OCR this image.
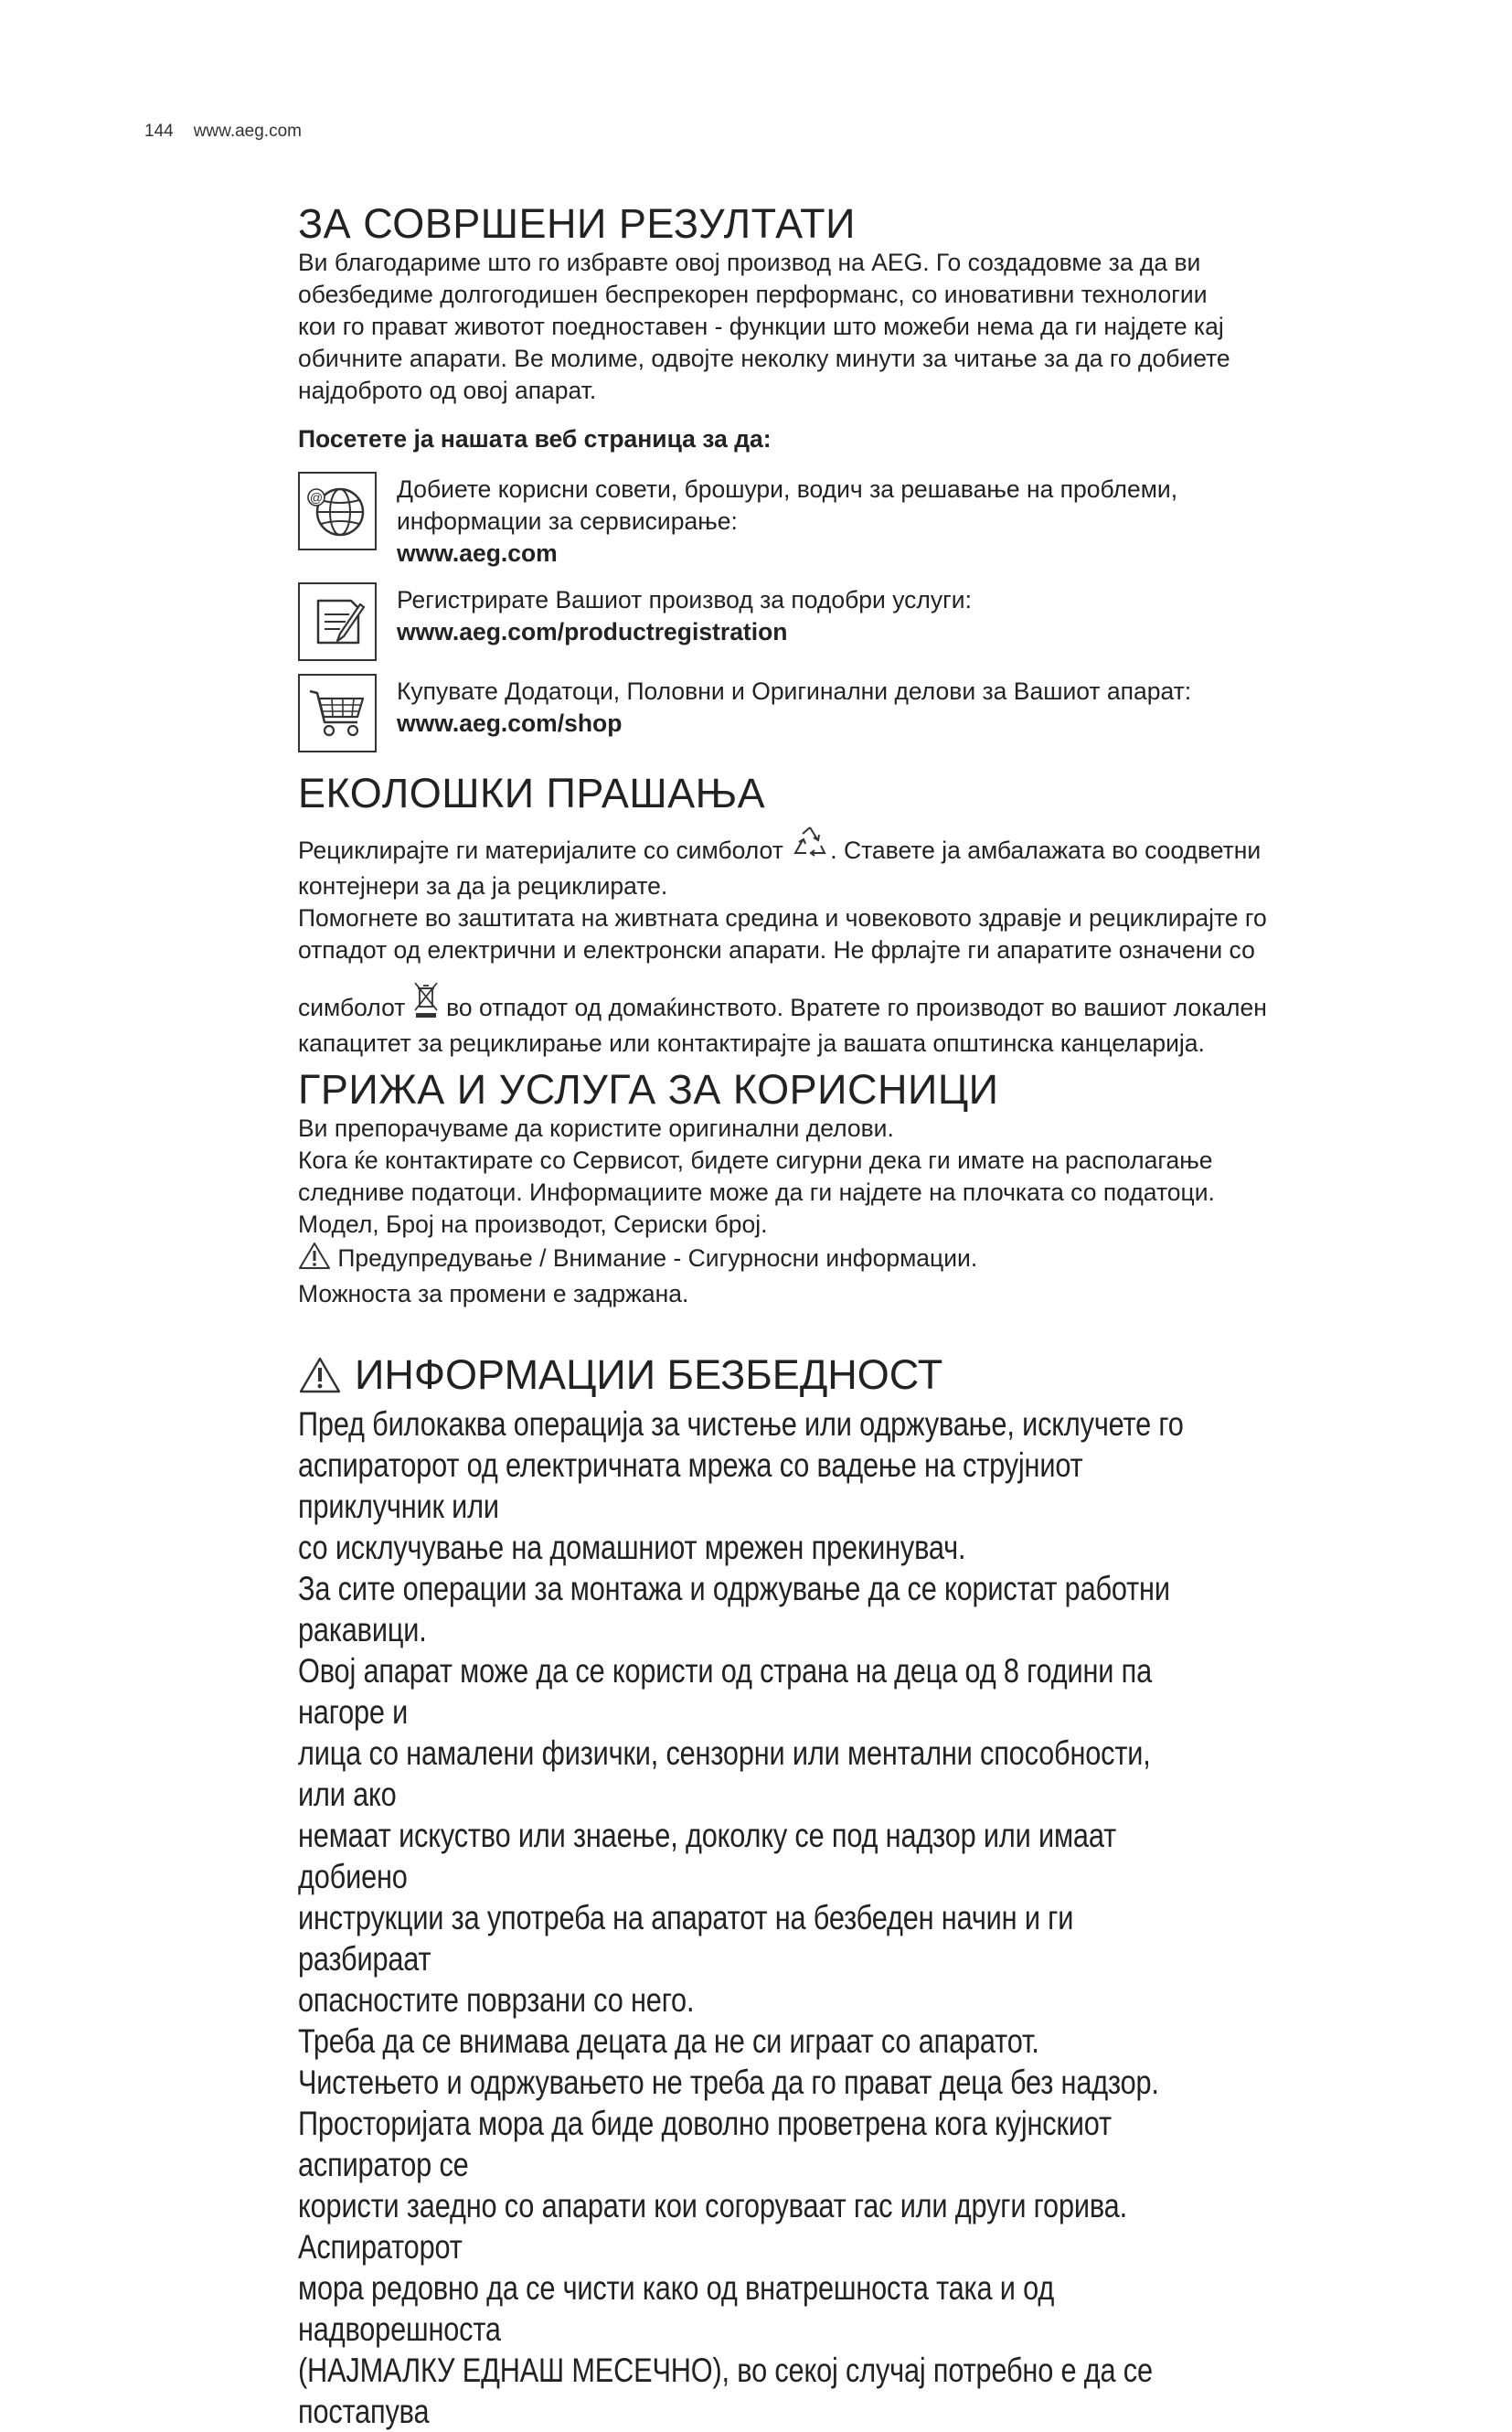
144 www.aeg.com
ЗА СОВРШЕНИ РЕЗУЛТАТИ

Ви благодариме што го избравте овој производ на AEG. Го создадовме за да ви

обезбедиме долгогодишен беспрекорен перформанс, со иновативни технологии

кои го прават животот поедноставен - функции што можеби нема да ги најдете кај

обичните апарати. Ве молиме, одвојте неколку минути за читање за да го добиете

најдоброто од овој апарат.

Посетете ја нашата веб страница за да:

@	Добиете корисни совети, брошури, водич за решавање на проблеми,

информации за сервисирање:

www.aeg.com

Регистрирате Вашиот производ за подобри услуги:

www.aeg.com/productregistration

Купувате Додатоци, Половни и Оригинални делови за Вашиот апарат:

www.aeg.com/shop

ЕКОЛОШКИ ПРАШАЊА

Рециклирајте ги материјалите со симболот . Ставете ја амбалажата во соодветни

контејнери за да ја рециклирате.

Помогнете во заштитата на живтната средина и човековото здравје и рециклирајте го

отпадот од електрични и електронски апарати. Не фрлајте ги апаратите означени со

симболот во отпадот од домаќинството. Вратете го производот во вашиот локален

капацитет за рециклирање или контактирајте ја вашата општинска канцеларија.

ГРИЖА И УСЛУГА ЗА КОРИСНИЦИ

Ви препорачуваме да користите оригинални делови.

Кога ќе контактирате со Сервисот, бидете сигурни дека ги имате на располагање

следниве податоци. Информациите може да ги најдете на плочката со податоци.

Модел, Број на производот, Сериски број.

Предупредување / Внимание - Сигурносни информации.

Можноста за промени е задржана.

ИНФОРМАЦИИ БЕЗБЕДНОСТ

Пред билокаква операција за чистење или одржување, исклучете го

аспираторот од електричната мрежа со вадење на струјниот приклучник или

со исклучување на домашниот мрежен прекинувач.

За сите операции за монтажа и одржување да се користат работни ракавици.

Овој апарат може да се користи од страна на деца од 8 години па нагоре и

лица со намалени физички, сензорни или ментални способности, или ако

немаат искуство или знаење, доколку се под надзор или имаат добиено

инструкции за употреба на апаратот на безбеден начин и ги разбираат

опасностите поврзани со него.

Треба да се внимава децата да не си играат со апаратот.

Чистењето и одржувањето не треба да го прават деца без надзор.

Просторијата мора да биде доволно проветрена кога кујнскиот аспиратор се

користи заедно со апарати кои согоруваат гас или други горива. Аспираторот

мора редовно да се чисти како од внатрешноста така и од надворешноста

(НАЈМАЛКУ ЕДНАШ МЕСЕЧНО), во секој случај потребно е да се постапува
